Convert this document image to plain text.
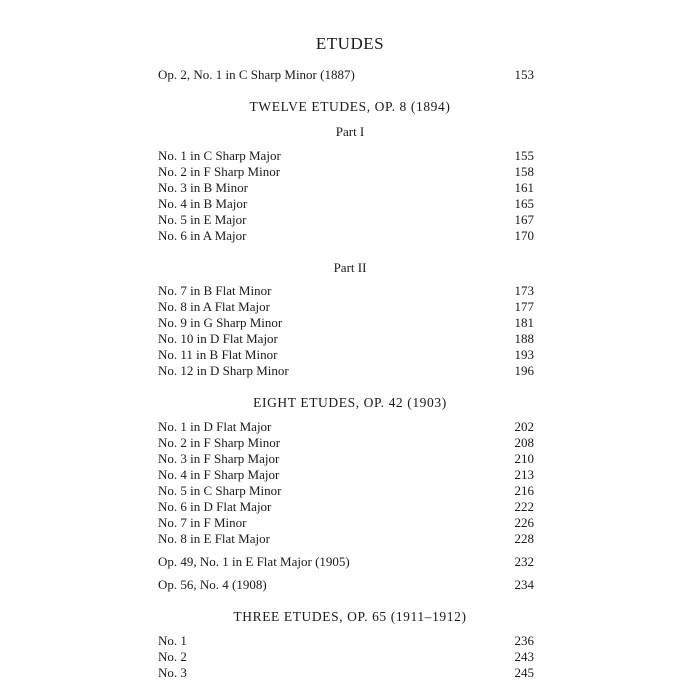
ETUDES
Op. 2, No. 1 in C Sharp Minor (1887)	153
TWELVE ETUDES, OP. 8 (1894)
Part I
No. 1 in C Sharp Major	155
No. 2 in F Sharp Minor	158
No. 3 in B Minor	161
No. 4 in B Major	165
No. 5 in E Major	167
No. 6 in A Major	170
Part II
No. 7 in B Flat Minor	173
No. 8 in A Flat Major	177
No. 9 in G Sharp Minor	181
No. 10 in D Flat Major	188
No. 11 in B Flat Minor	193
No. 12 in D Sharp Minor	196
EIGHT ETUDES, OP. 42 (1903)
No. 1 in D Flat Major	202
No. 2 in F Sharp Minor	208
No. 3 in F Sharp Major	210
No. 4 in F Sharp Major	213
No. 5 in C Sharp Minor	216
No. 6 in D Flat Major	222
No. 7 in F Minor	226
No. 8 in E Flat Major	228
Op. 49, No. 1 in E Flat Major (1905)	232
Op. 56, No. 4 (1908)	234
THREE ETUDES, OP. 65 (1911–1912)
No. 1	236
No. 2	243
No. 3	245
